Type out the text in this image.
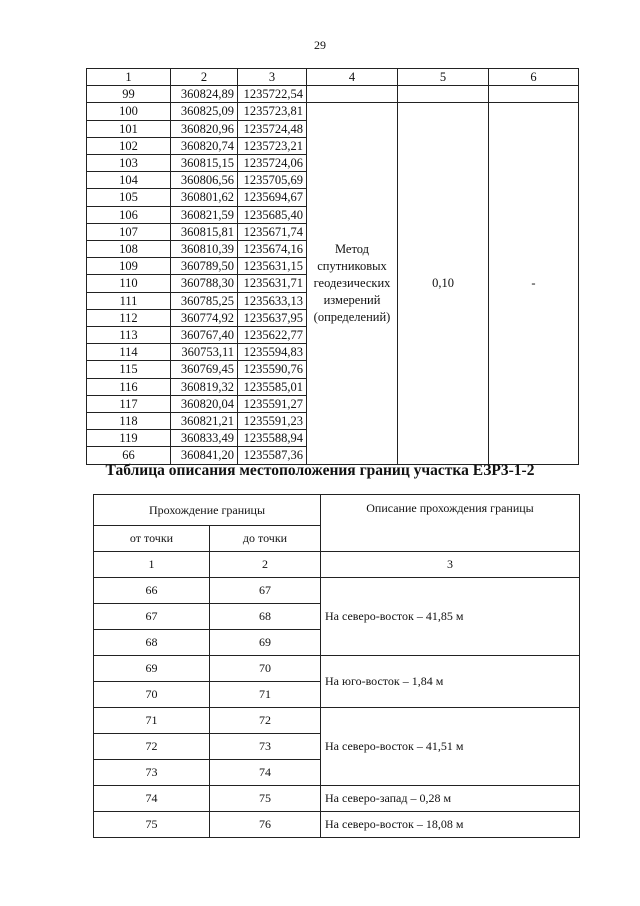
29
1	2	3	4	5	6
99	360824,89	1235722,54			
100	360825,09	1235723,81	Метод спутниковых геодезических измерений (определений)	0,10	-
101	360820,96	1235724,48			
102	360820,74	1235723,21			
103	360815,15	1235724,06			
104	360806,56	1235705,69			
105	360801,62	1235694,67			
106	360821,59	1235685,40			
107	360815,81	1235671,74			
108	360810,39	1235674,16			
109	360789,50	1235631,15			
110	360788,30	1235631,71			
111	360785,25	1235633,13			
112	360774,92	1235637,95			
113	360767,40	1235622,77			
114	360753,11	1235594,83			
115	360769,45	1235590,76			
116	360819,32	1235585,01			
117	360820,04	1235591,27			
118	360821,21	1235591,23			
119	360833,49	1235588,94			
66	360841,20	1235587,36			
Таблица описания местоположения границ участка ЕЗР3-1-2
Прохождение границы		Описание прохождения границы
от точки	до точки	
1	2	3
66	67	На северо-восток – 41,85 м
67	68	
68	69	
69	70	На юго-восток – 1,84 м
70	71	
71	72	На северо-восток – 41,51 м
72	73	
73	74	
74	75	На северо-запад – 0,28 м
75	76	На северо-восток – 18,08 м
